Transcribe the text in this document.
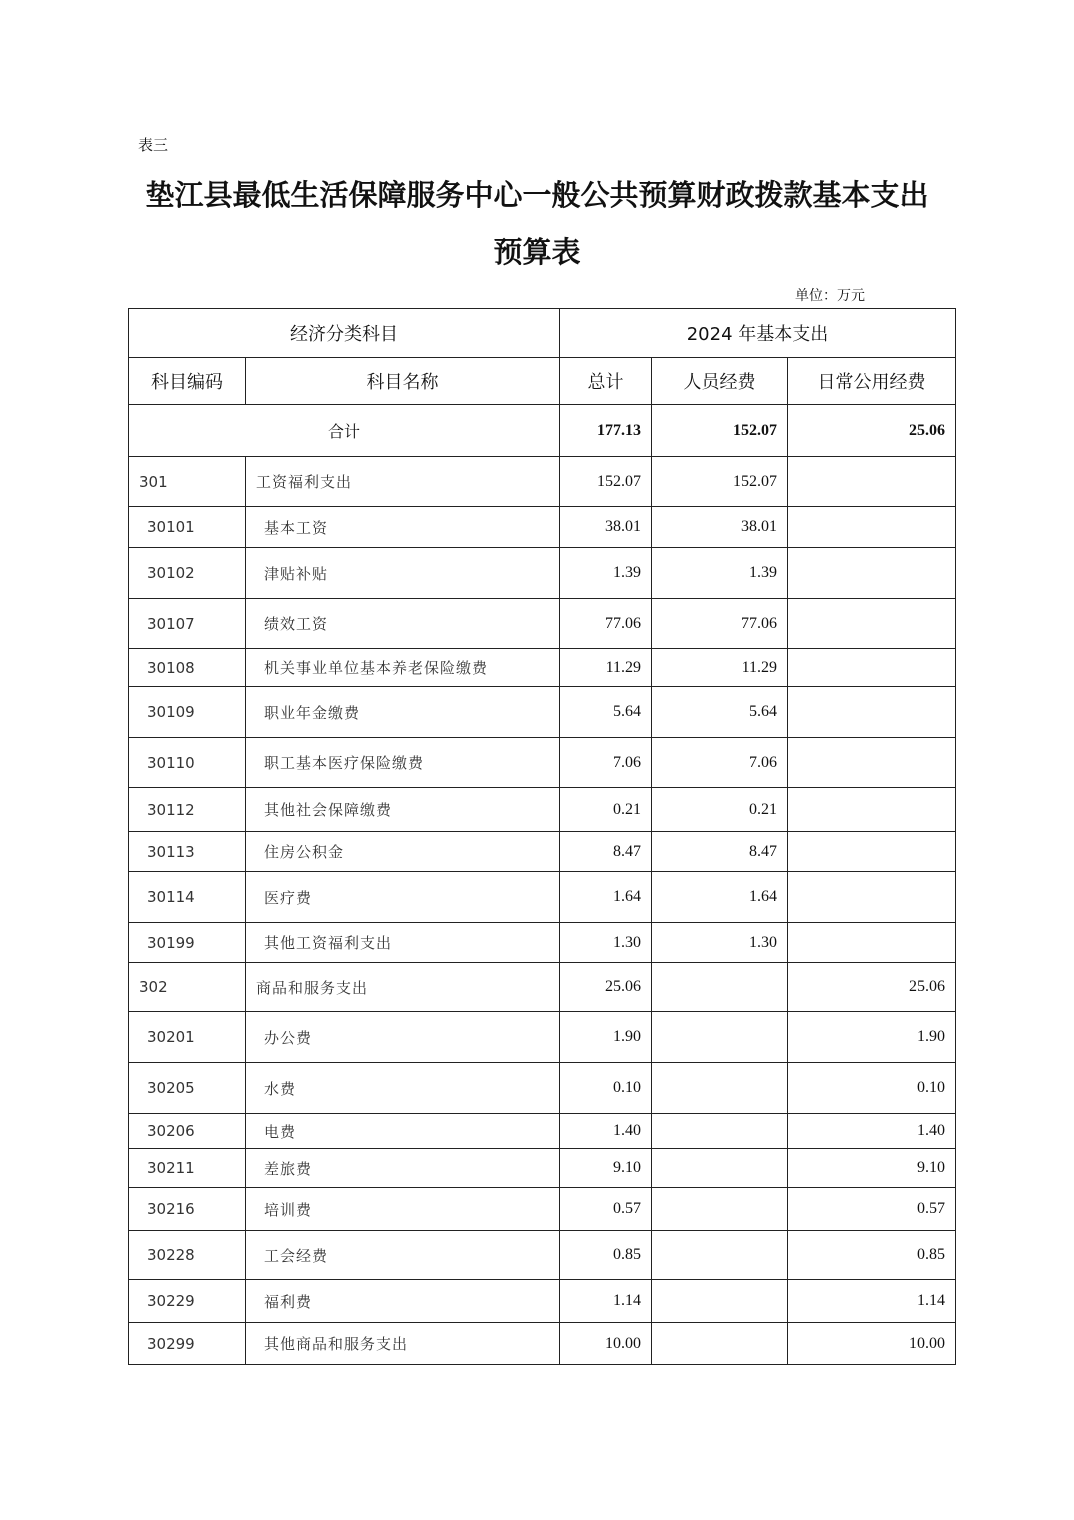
表三
垫江县最低生活保障服务中心一般公共预算财政拨款基本支出
预算表
单位：万元
经济分类科目		2024 年基本支出		
科目编码	科目名称	总计	人员经费	日常公用经费
合计		177.13	152.07	25.06
301	工资福利支出	152.07	152.07	
30101	基本工资	38.01	38.01	
30102	津贴补贴	1.39	1.39	
30107	绩效工资	77.06	77.06	
30108	机关事业单位基本养老保险缴费	11.29	11.29	
30109	职业年金缴费	5.64	5.64	
30110	职工基本医疗保险缴费	7.06	7.06	
30112	其他社会保障缴费	0.21	0.21	
30113	住房公积金	8.47	8.47	
30114	医疗费	1.64	1.64	
30199	其他工资福利支出	1.30	1.30	
302	商品和服务支出	25.06		25.06
30201	办公费	1.90		1.90
30205	水费	0.10		0.10
30206	电费	1.40		1.40
30211	差旅费	9.10		9.10
30216	培训费	0.57		0.57
30228	工会经费	0.85		0.85
30229	福利费	1.14		1.14
30299	其他商品和服务支出	10.00		10.00
